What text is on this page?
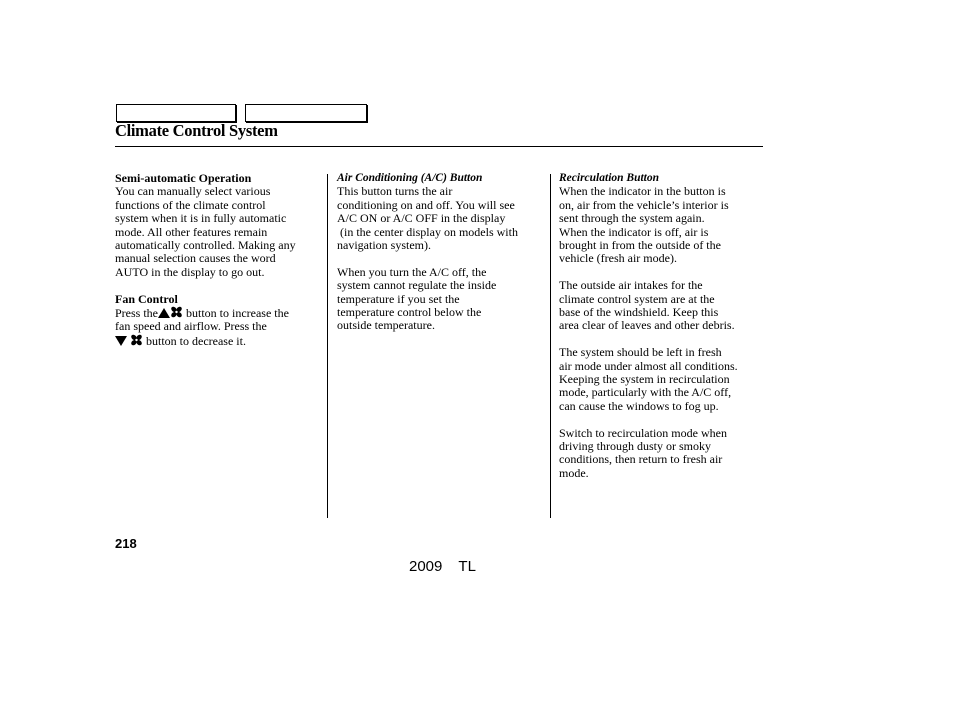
Climate Control System
Semi-automatic Operation

You can manually select various
functions of the climate control
system when it is in fully automatic
mode. All other features remain
automatically controlled. Making any
manual selection causes the word
AUTO in the display to go out.

Fan Control

Press the button to increase the
fan speed and airflow. Press the
button to decrease it.

Air Conditioning (A/C) Button

This button turns the air
conditioning on and off. You will see
A/C ON or A/C OFF in the display
(in the center display on models with
navigation system).

When you turn the A/C off, the
system cannot regulate the inside
temperature if you set the
temperature control below the
outside temperature.

Recirculation Button

When the indicator in the button is
on, air from the vehicle’s interior is
sent through the system again.
When the indicator is off, air is
brought in from the outside of the
vehicle (fresh air mode).

The outside air intakes for the
climate control system are at the
base of the windshield. Keep this
area clear of leaves and other debris.

The system should be left in fresh
air mode under almost all conditions.
Keeping the system in recirculation
mode, particularly with the A/C off,
can cause the windows to fog up.

Switch to recirculation mode when
driving through dusty or smoky
conditions, then return to fresh air
mode.

218
2009  TL
